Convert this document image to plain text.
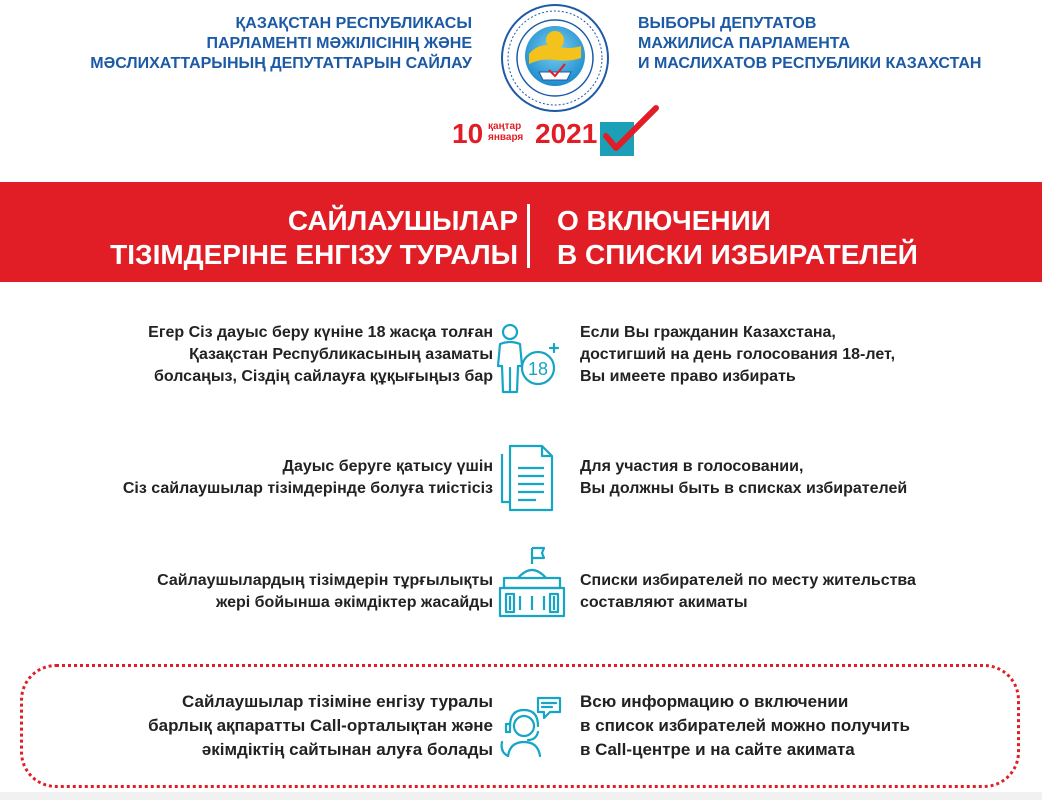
ҚАЗАҚСТАН РЕСПУБЛИКАСЫ
ПАРЛАМЕНТІ МӘЖІЛІСІНІҢ ЖӘНЕ
МӘСЛИХАТТАРЫНЫҢ ДЕПУТАТТАРЫН САЙЛАУ
ВЫБОРЫ ДЕПУТАТОВ
МАЖИЛИСА ПАРЛАМЕНТА
И МАСЛИХАТОВ РЕСПУБЛИКИ КАЗАХСТАН
10 қаңтар
января 2021
САЙЛАУШЫЛАР
ТІЗІМДЕРІНЕ ЕНГІЗУ ТУРАЛЫ
О ВКЛЮЧЕНИИ
В СПИСКИ ИЗБИРАТЕЛЕЙ
Егер Сіз дауыс беру күніне 18 жасқа толған
Қазақстан Республикасының азаматы
болсаңыз, Сіздің сайлауға құқығыңыз бар 18
Если Вы гражданин Казахстана,
достигший на день голосования 18-лет,
Вы имеете право избирать
Дауыс беруге қатысу үшін
Сіз сайлаушылар тізімдерінде болуға тиістісіз
Для участия в голосовании,
Вы должны быть в списках избирателей
Сайлаушылардың тізімдерін тұрғылықты
жері бойынша әкімдіктер жасайды
Списки избирателей по месту жительства
составляют акиматы
Сайлаушылар тізіміне енгізу туралы
барлық ақпаратты Call-орталықтан және
әкімдіктің сайтынан алуға болады
Всю информацию о включении
в список избирателей можно получить
в Call-центре и на сайте акимата
